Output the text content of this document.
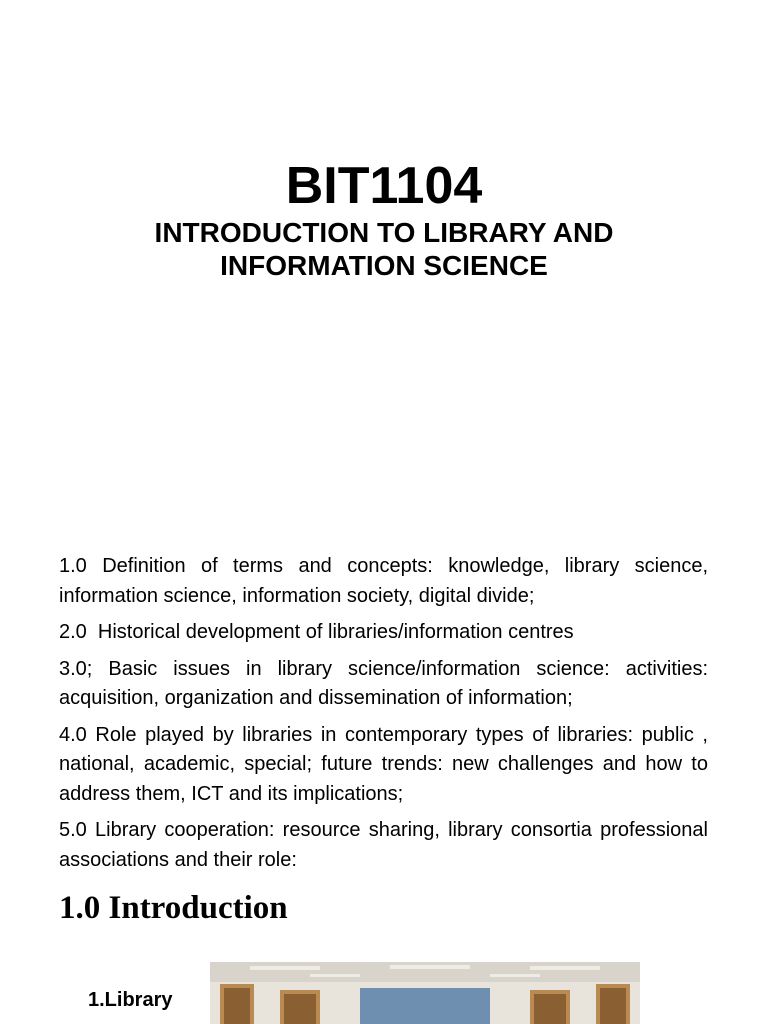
BIT1104
INTRODUCTION TO LIBRARY AND INFORMATION SCIENCE

1.0 Definition of terms and concepts: knowledge, library science, information science, information society, digital divide;

2.0  Historical development of libraries/information centres

3.0; Basic issues in library science/information science: activities: acquisition, organization and dissemination of information;

4.0 Role played by libraries in contemporary types of libraries: public , national, academic, special; future trends: new challenges and how to address them, ICT and its implications;

5.0 Library cooperation: resource sharing, library consortia professional associations and their role:

1.0 Introduction
1.Library
